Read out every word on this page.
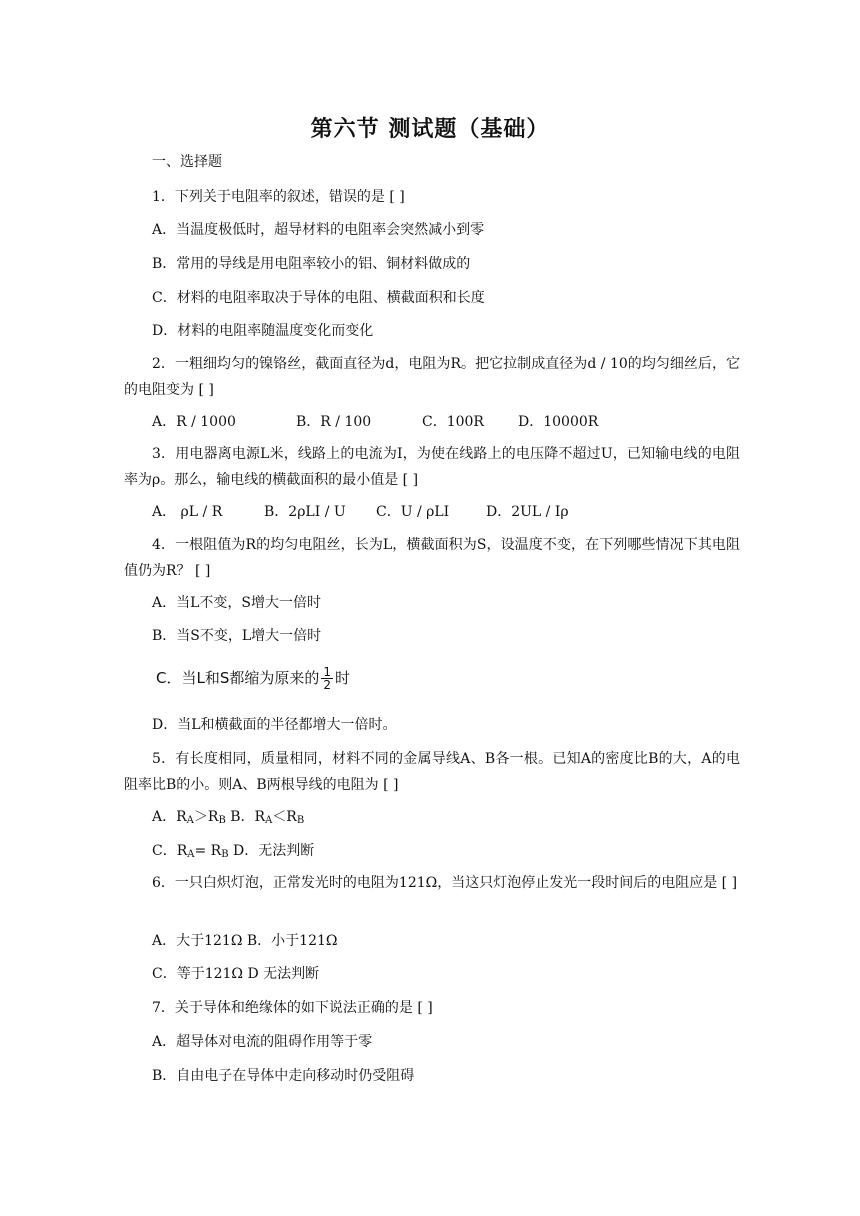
第六节 测试题（基础）
一、选择题
1．下列关于电阻率的叙述，错误的是 [ ]
A．当温度极低时，超导材料的电阻率会突然减小到零
B．常用的导线是用电阻率较小的铝、铜材料做成的
C．材料的电阻率取决于导体的电阻、横截面积和长度
D．材料的电阻率随温度变化而变化
2．一粗细均匀的镍铬丝，截面直径为d，电阻为R。把它拉制成直径为d / 10的均匀细丝后，它的电阻变为 [ ]
A．R / 1000	B．R / 100	C．100R D．10000R
3．用电器离电源L米，线路上的电流为I，为使在线路上的电压降不超过U，已知输电线的电阻率为ρ。那么，输电线的横截面积的最小值是 [ ]
A． ρL / R	B．2ρLI / U C．U / ρLI	D．2UL / Iρ
4．一根阻值为R的均匀电阻丝，长为L，横截面积为S，设温度不变，在下列哪些情况下其电阻值仍为R？ [ ]
A．当L不变，S增大一倍时
B．当S不变，L增大一倍时
C．当L和S都缩为原来的 $\frac{1}{2}$ 时
D．当L和横截面的半径都增大一倍时。
5．有长度相同，质量相同，材料不同的金属导线A、B各一根。已知A的密度比B的大，A的电阻率比B的小。则A、B两根导线的电阻为 [ ]
A．$R_A>R_B$ B．$R_A<R_B$
C．$R_A= R_B$ D．无法判断
6．一只白炽灯泡，正常发光时的电阻为121Ω，当这只灯泡停止发光一段时间后的电阻应是 [ ]
A．大于121Ω B．小于121Ω
C．等于121Ω D 无法判断
7．关于导体和绝缘体的如下说法正确的是 [ ]
A．超导体对电流的阻碍作用等于零
B．自由电子在导体中走向移动时仍受阻碍
